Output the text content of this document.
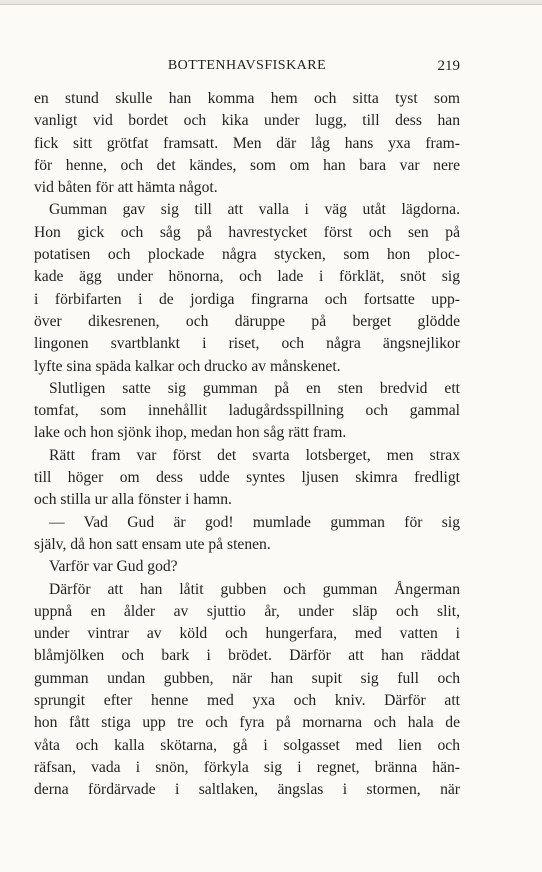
BOTTENHAVSFISKARE	219
en stund skulle han komma hem och sitta tyst som
vanligt vid bordet och kika under lugg, till dess han
fick sitt grötfat framsatt. Men där låg hans yxa fram-
för henne, och det kändes, som om han bara var nere
vid båten för att hämta något.
Gumman gav sig till att valla i väg utåt lägdorna.
Hon gick och såg på havrestycket först och sen på
potatisen och plockade några stycken, som hon ploc-
kade ägg under hönorna, och lade i förklät, snöt sig
i förbifarten i de jordiga fingrarna och fortsatte upp-
över dikesrenen, och däruppe på berget glödde
lingonen svartblankt i riset, och några ängsnejlikor
lyfte sina späda kalkar och drucko av månskenet.
Slutligen satte sig gumman på en sten bredvid ett
tomfat, som innehållit ladugårdsspillning och gammal
lake och hon sjönk ihop, medan hon såg rätt fram.
Rätt fram var först det svarta lotsberget, men strax
till höger om dess udde syntes ljusen skimra fredligt
och stilla ur alla fönster i hamn.
— Vad Gud är god! mumlade gumman för sig
själv, då hon satt ensam ute på stenen.
Varför var Gud god?
Därför att han låtit gubben och gumman Ångerman
uppnå en ålder av sjuttio år, under släp och slit,
under vintrar av köld och hungerfara, med vatten i
blåmjölken och bark i brödet. Därför att han räddat
gumman undan gubben, när han supit sig full och
sprungit efter henne med yxa och kniv. Därför att
hon fått stiga upp tre och fyra på mornarna och hala de
våta och kalla skötarna, gå i solgasset med lien och
räfsan, vada i snön, förkyla sig i regnet, bränna hän-
derna fördärvade i saltlaken, ängslas i stormen, när
